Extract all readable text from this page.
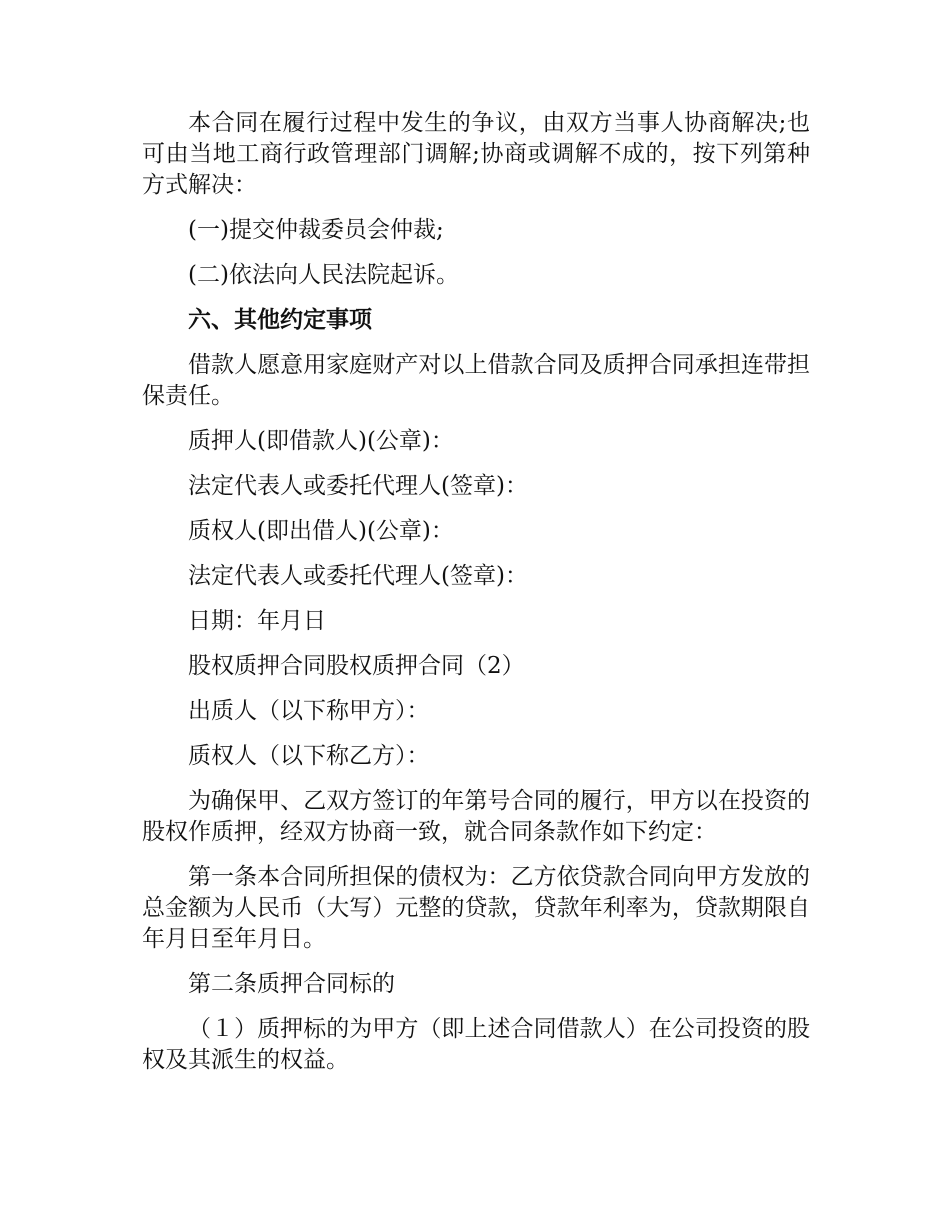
本合同在履行过程中发生的争议，由双方当事人协商解决;也可由当地工商行政管理部门调解;协商或调解不成的，按下列第种方式解决：

(一)提交仲裁委员会仲裁;

(二)依法向人民法院起诉。

六、其他约定事项

借款人愿意用家庭财产对以上借款合同及质押合同承担连带担保责任。

质押人(即借款人)(公章)：

法定代表人或委托代理人(签章)：

质权人(即出借人)(公章)：

法定代表人或委托代理人(签章)：

日期：年月日

股权质押合同股权质押合同（2）

出质人（以下称甲方）：

质权人（以下称乙方）：

为确保甲、乙双方签订的年第号合同的履行，甲方以在投资的股权作质押，经双方协商一致，就合同条款作如下约定：

第一条本合同所担保的债权为：乙方依贷款合同向甲方发放的总金额为人民币（大写）元整的贷款，贷款年利率为，贷款期限自年月日至年月日。

第二条质押合同标的

（１）质押标的为甲方（即上述合同借款人）在公司投资的股权及其派生的权益。
